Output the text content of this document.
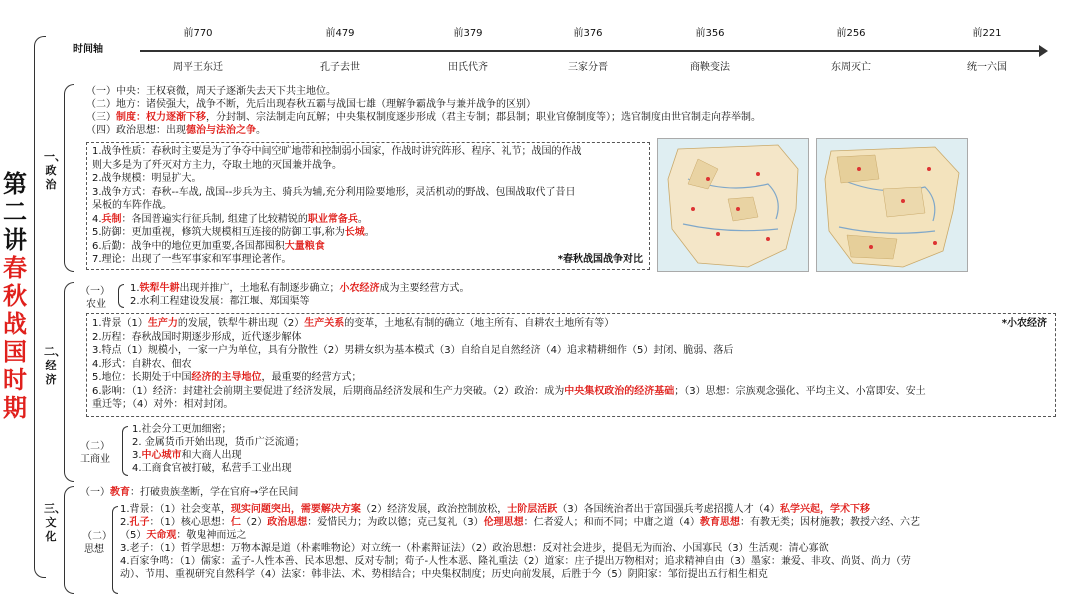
第二讲
春秋战国时期
时间轴
前770
周平王东迁
前479
孔子去世
前379
田氏代齐
前376
三家分晋
前356
商鞅变法
前256
东周灭亡
前221
统一六国
一、政治
（一）中央：王权衰微，周天子逐渐失去天下共主地位。
（二）地方：诸侯强大，战争不断，先后出现春秋五霸与战国七雄（理解争霸战争与兼并战争的区别）
（三）制度：权力逐渐下移，分封制、宗法制走向瓦解；中央集权制度逐步形成（君主专制；郡县制；职业官僚制度等）；选官制度由世官制走向荐举制。
（四）政治思想：出现德治与法治之争。
1.战争性质：春秋时主要是为了争夺中间空旷地带和控制弱小国家，作战时讲究阵形、程序、礼节；战国的作战
则大多是为了歼灭对方主力，夺取土地的灭国兼并战争。
2.战争规模：明显扩大。
3.战争方式：春秋--车战, 战国--步兵为主、骑兵为辅,充分利用险要地形，灵活机动的野战、包围战取代了昔日
呆板的车阵作战。
4.兵制：各国普遍实行征兵制, 组建了比较精锐的职业常备兵。
5.防御：更加重视，修筑大规模相互连接的防御工事,称为长城。
6.后勤：战争中的地位更加重要,各国都囤积大量粮食
7.理论：出现了一些军事家和军事理论著作。	*春秋战国战争对比
二、经济
（一）
农业
1.铁犁牛耕出现并推广，土地私有制逐步确立；小农经济成为主要经营方式。
2.水利工程建设发展：都江堰、郑国渠等
*小农经济
1.背景（1）生产力的发展，铁犁牛耕出现（2）生产关系的变革，土地私有制的确立（地主所有、自耕农土地所有等）
2.历程：春秋战国时期逐步形成，近代逐步解体
3.特点（1）规模小，一家一户为单位，具有分散性（2）男耕女织为基本模式（3）自给自足自然经济（4）追求精耕细作（5）封闭、脆弱、落后
4.形式：自耕农、佃农
5.地位：长期处于中国经济的主导地位，最重要的经营方式；
6.影响：（1）经济：封建社会前期主要促进了经济发展，后期商品经济发展和生产力突破。（2）政治：成为中央集权政治的经济基础；（3）思想：宗族观念强化、平均主义、小富即安、安土
重迁等；（4）对外：相对封闭。
（二）
工商业
1.社会分工更加细密；
2. 金属货币开始出现，货币广泛流通；
3.中心城市和大商人出现
4.工商食官被打破，私营手工业出现
三、文化
（一）教育：打破贵族垄断，学在官府→学在民间
（二）
思想
1.背景：（1）社会变革，现实问题突出，需要解决方案（2）经济发展，政治控制放松，士阶层活跃（3）各国统治者出于富国强兵考虑招揽人才（4）私学兴起，学术下移
2.孔子：（1）核心思想：仁（2）政治思想：爱惜民力；为政以德；克己复礼（3）伦理思想：仁者爱人；和而不同；中庸之道（4）教育思想：有教无类；因材施教；教授六经、六艺
（5）天命观：敬鬼神而远之
3.老子：（1）哲学思想：万物本源是道（朴素唯物论）对立统一（朴素辩证法）（2）政治思想：反对社会进步，提倡无为而治、小国寡民（3）生活观：清心寡欲
4.百家争鸣：（1）儒家：孟子-人性本善、民本思想、反对专制；荀子-人性本恶、隆礼重法（2）道家：庄子提出万物相对；追求精神自由（3）墨家：兼爱、非攻、尚贤、尚力（劳
动）、节用、重视研究自然科学（4）法家：韩非法、术、势相结合；中央集权制度；历史向前发展，后胜于今（5）阴阳家：邹衍提出五行相生相克
